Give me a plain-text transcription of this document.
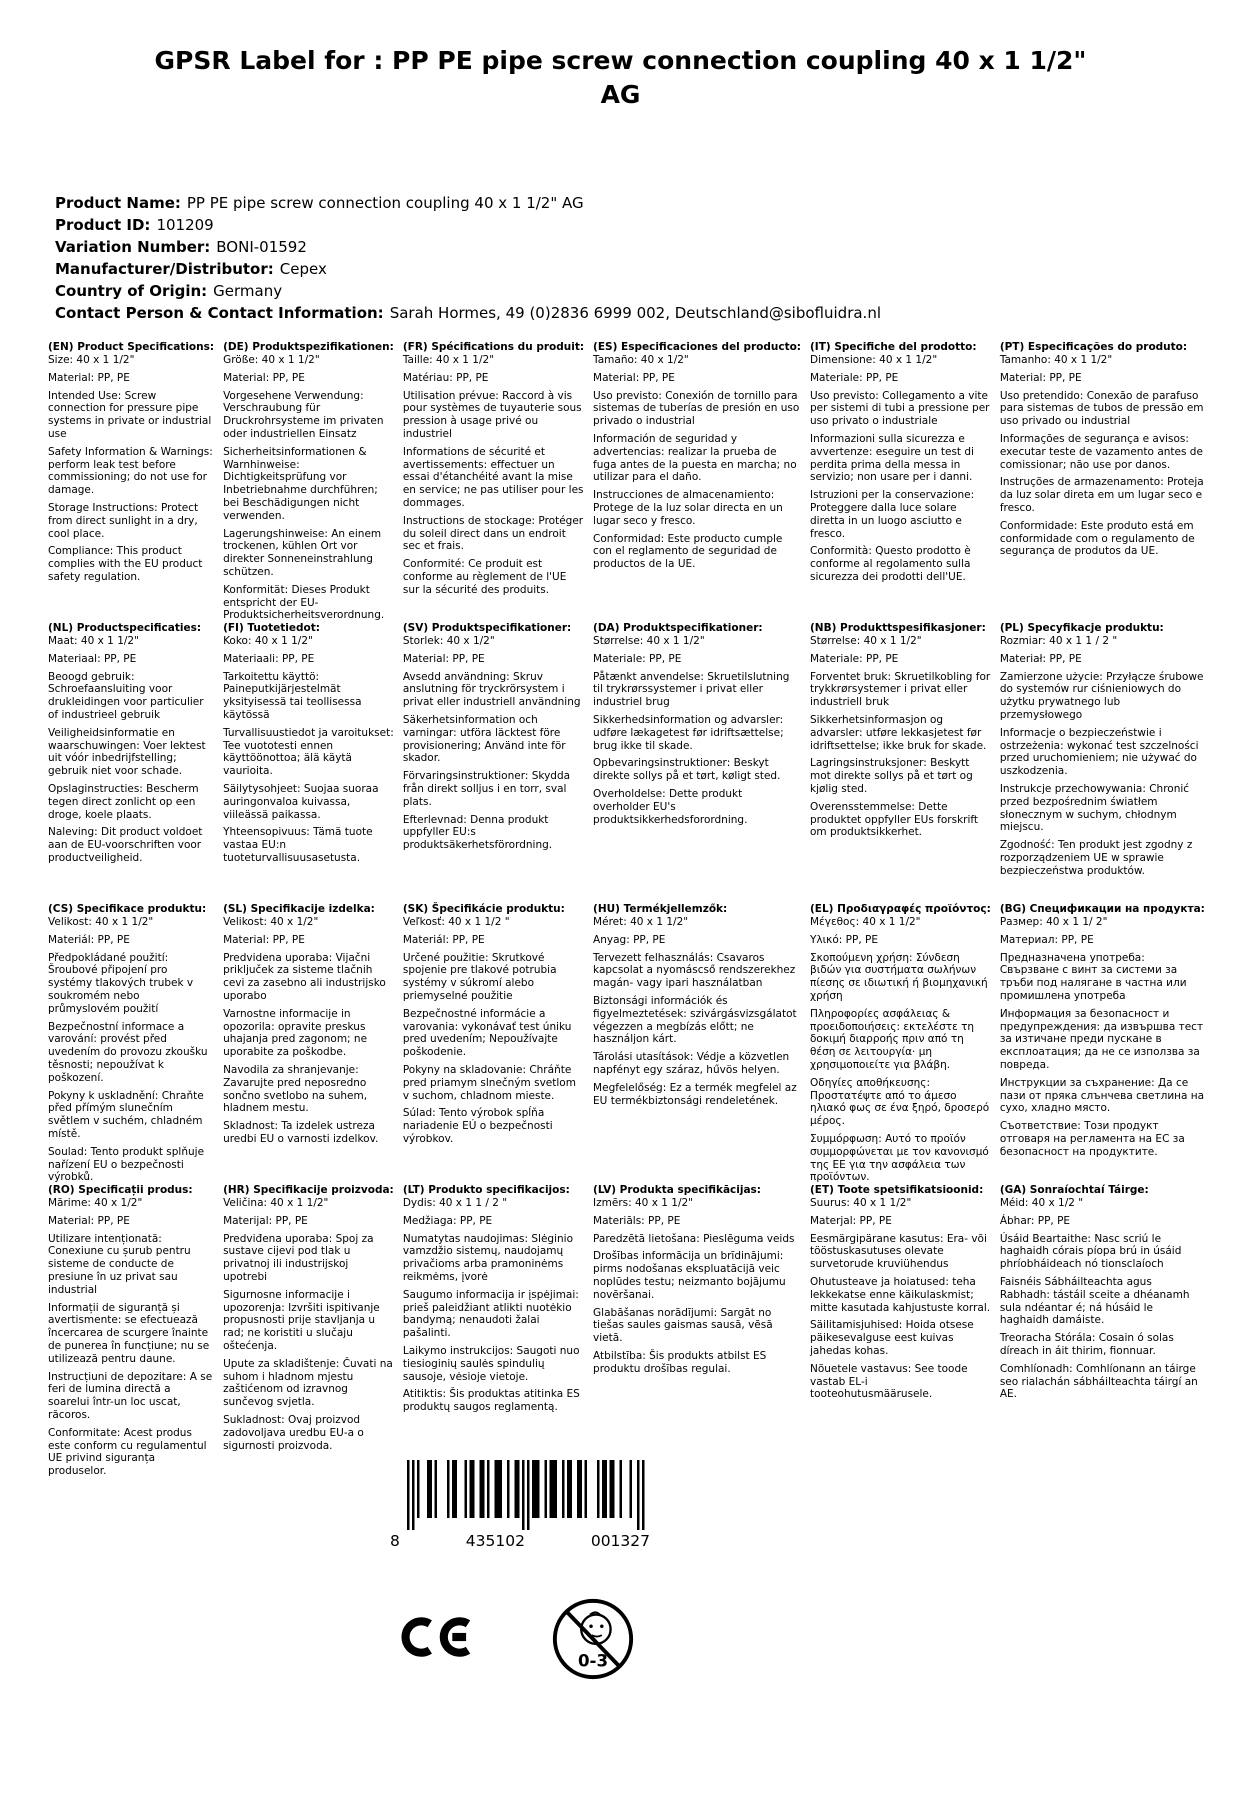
GPSR Label for : PP PE pipe screw connection coupling 40 x 1 1/2"
AG
Product Name: PP PE pipe screw connection coupling 40 x 1 1/2" AG
Product ID: 101209
Variation Number: BONI-01592
Manufacturer/Distributor: Cepex
Country of Origin: Germany
Contact Person & Contact Information: Sarah Hormes, 49 (0)2836 6999 002, Deutschland@sibofluidra.nl
(EN) Product Specifications:

Size: 40 x 1 1/2"

Material: PP, PE

Intended Use: Screw connection for pressure pipe systems in private or industrial use

Safety Information & Warnings: perform leak test before commissioning; do not use for damage.

Storage Instructions: Protect from direct sunlight in a dry, cool place.

Compliance: This product complies with the EU product safety regulation.

(DE) Produktspezifikationen:

Größe: 40 x 1 1/2"

Material: PP, PE

Vorgesehene Verwendung: Verschraubung für Druckrohrsysteme im privaten oder industriellen Einsatz

Sicherheitsinformationen & Warnhinweise: Dichtigkeitsprüfung vor Inbetriebnahme durchführen; bei Beschädigungen nicht verwenden.

Lagerungshinweise: An einem trockenen, kühlen Ort vor direkter Sonneneinstrahlung schützen.

Konformität: Dieses Produkt entspricht der EU-Produktsicherheitsverordnung.

(FR) Spécifications du produit:

Taille: 40 x 1 1/2"

Matériau: PP, PE

Utilisation prévue: Raccord à vis pour systèmes de tuyauterie sous pression à usage privé ou industriel

Informations de sécurité et avertissements: effectuer un essai d'étanchéité avant la mise en service; ne pas utiliser pour les dommages.

Instructions de stockage: Protéger du soleil direct dans un endroit sec et frais.

Conformité: Ce produit est conforme au règlement de l'UE sur la sécurité des produits.

(ES) Especificaciones del producto:

Tamaño: 40 x 1/2"

Material: PP, PE

Uso previsto: Conexión de tornillo para sistemas de tuberías de presión en uso privado o industrial

Información de seguridad y advertencias: realizar la prueba de fuga antes de la puesta en marcha; no utilizar para el daño.

Instrucciones de almacenamiento: Protege de la luz solar directa en un lugar seco y fresco.

Conformidad: Este producto cumple con el reglamento de seguridad de productos de la UE.

(IT) Specifiche del prodotto:

Dimensione: 40 x 1 1/2"

Materiale: PP, PE

Uso previsto: Collegamento a vite per sistemi di tubi a pressione per uso privato o industriale

Informazioni sulla sicurezza e avvertenze: eseguire un test di perdita prima della messa in servizio; non usare per i danni.

Istruzioni per la conservazione: Proteggere dalla luce solare diretta in un luogo asciutto e fresco.

Conformità: Questo prodotto è conforme al regolamento sulla sicurezza dei prodotti dell'UE.

(PT) Especificações do produto:

Tamanho: 40 x 1 1/2"

Material: PP, PE

Uso pretendido: Conexão de parafuso para sistemas de tubos de pressão em uso privado ou industrial

Informações de segurança e avisos: executar teste de vazamento antes de comissionar; não use por danos.

Instruções de armazenamento: Proteja da luz solar direta em um lugar seco e fresco.

Conformidade: Este produto está em conformidade com o regulamento de segurança de produtos da UE.

(NL) Productspecificaties:

Maat: 40 x 1 1/2"

Materiaal: PP, PE

Beoogd gebruik: Schroefaansluiting voor drukleidingen voor particulier of industrieel gebruik

Veiligheidsinformatie en waarschuwingen: Voer lektest uit vóór inbedrijfstelling; gebruik niet voor schade.

Opslaginstructies: Bescherm tegen direct zonlicht op een droge, koele plaats.

Naleving: Dit product voldoet aan de EU-voorschriften voor productveiligheid.

(FI) Tuotetiedot:

Koko: 40 x 1 1/2"

Materiaali: PP, PE

Tarkoitettu käyttö: Paineputkijärjestelmät yksityisessä tai teollisessa käytössä

Turvallisuustiedot ja varoitukset: Tee vuototesti ennen käyttöönottoa; älä käytä vaurioita.

Säilytysohjeet: Suojaa suoraa auringonvaloa kuivassa, viileässä paikassa.

Yhteensopivuus: Tämä tuote vastaa EU:n tuoteturvallisuusasetusta.

(SV) Produktspecifikationer:

Storlek: 40 x 1/2"

Material: PP, PE

Avsedd användning: Skruv anslutning för tryckrörsystem i privat eller industriell användning

Säkerhetsinformation och varningar: utföra läcktest före provisionering; Använd inte för skador.

Förvaringsinstruktioner: Skydda från direkt solljus i en torr, sval plats.

Efterlevnad: Denna produkt uppfyller EU:s produktsäkerhetsförordning.

(DA) Produktspecifikationer:

Størrelse: 40 x 1 1/2"

Materiale: PP, PE

Påtænkt anvendelse: Skruetilslutning til trykrørssystemer i privat eller industriel brug

Sikkerhedsinformation og advarsler: udføre lækagetest før idriftsættelse; brug ikke til skade.

Opbevaringsinstruktioner: Beskyt direkte sollys på et tørt, køligt sted.

Overholdelse: Dette produkt overholder EU's produktsikkerhedsforordning.

(NB) Produkttspesifikasjoner:

Størrelse: 40 x 1 1/2"

Materiale: PP, PE

Forventet bruk: Skruetilkobling for trykkrørsystemer i privat eller industriell bruk

Sikkerhetsinformasjon og advarsler: utføre lekkasjetest før idriftsettelse; ikke bruk for skade.

Lagringsinstruksjoner: Beskytt mot direkte sollys på et tørt og kjølig sted.

Overensstemmelse: Dette produktet oppfyller EUs forskrift om produktsikkerhet.

(PL) Specyfikacje produktu:

Rozmiar: 40 x 1 1 / 2 "

Materiał: PP, PE

Zamierzone użycie: Przyłącze śrubowe do systemów rur ciśnieniowych do użytku prywatnego lub przemysłowego

Informacje o bezpieczeństwie i ostrzeżenia: wykonać test szczelności przed uruchomieniem; nie używać do uszkodzenia.

Instrukcje przechowywania: Chronić przed bezpośrednim światłem słonecznym w suchym, chłodnym miejscu.

Zgodność: Ten produkt jest zgodny z rozporządzeniem UE w sprawie bezpieczeństwa produktów.

(CS) Specifikace produktu:

Velikost: 40 x 1 1/2"

Materiál: PP, PE

Předpokládané použití: Šroubové připojení pro systémy tlakových trubek v soukromém nebo průmyslovém použití

Bezpečnostní informace a varování: provést před uvedením do provozu zkoušku těsnosti; nepoužívat k poškození.

Pokyny k uskladnění: Chraňte před přímým slunečním světlem v suchém, chladném místě.

Soulad: Tento produkt splňuje nařízení EU o bezpečnosti výrobků.

(SL) Specifikacije izdelka:

Velikost: 40 x 1/2"

Material: PP, PE

Predvidena uporaba: Vijačni priključek za sisteme tlačnih cevi za zasebno ali industrijsko uporabo

Varnostne informacije in opozorila: opravite preskus uhajanja pred zagonom; ne uporabite za poškodbe.

Navodila za shranjevanje: Zavarujte pred neposredno sončno svetlobo na suhem, hladnem mestu.

Skladnost: Ta izdelek ustreza uredbi EU o varnosti izdelkov.

(SK) Špecifikácie produktu:

Veľkosť: 40 x 1 1/2 "

Materiál: PP, PE

Určené použitie: Skrutkové spojenie pre tlakové potrubia systémy v súkromí alebo priemyselné použitie

Bezpečnostné informácie a varovania: vykonávať test úniku pred uvedením; Nepoužívajte poškodenie.

Pokyny na skladovanie: Chráňte pred priamym slnečným svetlom v suchom, chladnom mieste.

Súlad: Tento výrobok spĺňa nariadenie EÚ o bezpečnosti výrobkov.

(HU) Termékjellemzők:

Méret: 40 x 1 1/2"

Anyag: PP, PE

Tervezett felhasználás: Csavaros kapcsolat a nyomáscső rendszerekhez magán- vagy ipari használatban

Biztonsági információk és figyelmeztetések: szivárgásvizsgálatot végezzen a megbízás előtt; ne használjon kárt.

Tárolási utasítások: Védje a közvetlen napfényt egy száraz, hűvös helyen.

Megfelelőség: Ez a termék megfelel az EU termékbiztonsági rendeletének.

(EL) Προδιαγραφές προϊόντος:

Μέγεθος: 40 x 1 1/2"

Υλικό: PP, PE

Σκοπούμενη χρήση: Σύνδεση βιδών για συστήματα σωλήνων πίεσης σε ιδιωτική ή βιομηχανική χρήση

Πληροφορίες ασφάλειας & προειδοποιήσεις: εκτελέστε τη δοκιμή διαρροής πριν από τη θέση σε λειτουργία· μη χρησιμοποιείτε για βλάβη.

Οδηγίες αποθήκευσης: Προστατέψτε από το άμεσο ηλιακό φως σε ένα ξηρό, δροσερό μέρος.

Συμμόρφωση: Αυτό το προϊόν συμμορφώνεται με τον κανονισμό της ΕΕ για την ασφάλεια των προϊόντων.

(BG) Спецификации на продукта:

Размер: 40 x 1 1/ 2"

Материал: PP, PE

Предназначена употреба: Свързване с винт за системи за тръби под налягане в частна или промишлена употреба

Информация за безопасност и предупреждения: да извършва тест за изтичане преди пускане в експлоатация; да не се използва за повреда.

Инструкции за съхранение: Да се пази от пряка слънчева светлина на сухо, хладно място.

Съответствие: Този продукт отговаря на регламента на ЕС за безопасност на продуктите.

(RO) Specificații produs:

Mărime: 40 x 1/2"

Material: PP, PE

Utilizare intenționată: Conexiune cu șurub pentru sisteme de conducte de presiune în uz privat sau industrial

Informații de siguranță și avertismente: se efectuează încercarea de scurgere înainte de punerea în funcțiune; nu se utilizează pentru daune.

Instrucțiuni de depozitare: A se feri de lumina directă a soarelui într-un loc uscat, răcoros.

Conformitate: Acest produs este conform cu regulamentul UE privind siguranța produselor.

(HR) Specifikacije proizvoda:

Veličina: 40 x 1 1/2"

Materijal: PP, PE

Predviđena uporaba: Spoj za sustave cijevi pod tlak u privatnoj ili industrijskoj upotrebi

Sigurnosne informacije i upozorenja: Izvršiti ispitivanje propusnosti prije stavljanja u rad; ne koristiti u slučaju oštećenja.

Upute za skladištenje: Čuvati na suhom i hladnom mjestu zaštićenom od izravnog sunčevog svjetla.

Sukladnost: Ovaj proizvod zadovoljava uredbu EU-a o sigurnosti proizvoda.

(LT) Produkto specifikacijos:

Dydis: 40 x 1 1 / 2 "

Medžiaga: PP, PE

Numatytas naudojimas: Slėginio vamzdžio sistemų, naudojamų privačioms arba pramoninėms reikmėms, įvorė

Saugumo informacija ir įspėjimai: prieš paleidžiant atlikti nuotėkio bandymą; nenaudoti žalai pašalinti.

Laikymo instrukcijos: Saugoti nuo tiesioginių saulės spindulių sausoje, vėsioje vietoje.

Atitiktis: Šis produktas atitinka ES produktų saugos reglamentą.

(LV) Produkta specifikācijas:

Izmērs: 40 x 1 1/2"

Materiāls: PP, PE

Paredzētā lietošana: Pieslēguma veids

Drošības informācija un brīdinājumi: pirms nodošanas ekspluatācijā veic noplūdes testu; neizmanto bojājumu novēršanai.

Glabāšanas norādījumi: Sargāt no tiešas saules gaismas sausā, vēsā vietā.

Atbilstība: Šis produkts atbilst ES produktu drošības regulai.

(ET) Toote spetsifikatsioonid:

Suurus: 40 x 1 1/2"

Materjal: PP, PE

Eesmärgipärane kasutus: Era- või tööstuskasutuses olevate survetorude kruviühendus

Ohutusteave ja hoiatused: teha lekkekatse enne käikulaskmist; mitte kasutada kahjustuste korral.

Säilitamisjuhised: Hoida otsese päikesevalguse eest kuivas jahedas kohas.

Nõuetele vastavus: See toode vastab EL-i tooteohutusmäärusele.

(GA) Sonraíochtaí Táirge:

Méid: 40 x 1/2 "

Ábhar: PP, PE

Úsáid Beartaithe: Nasc scriú le haghaidh córais píopa brú in úsáid phríobháideach nó tionsclaíoch

Faisnéis Sábháilteachta agus Rabhadh: tástáil sceite a dhéanamh sula ndéantar é; ná húsáid le haghaidh damáiste.

Treoracha Stórála: Cosain ó solas díreach in áit thirim, fionnuar.

Comhlíonadh: Comhlíonann an táirge seo rialachán sábháilteachta táirgí an AE.

8	435102	001327
0-3
